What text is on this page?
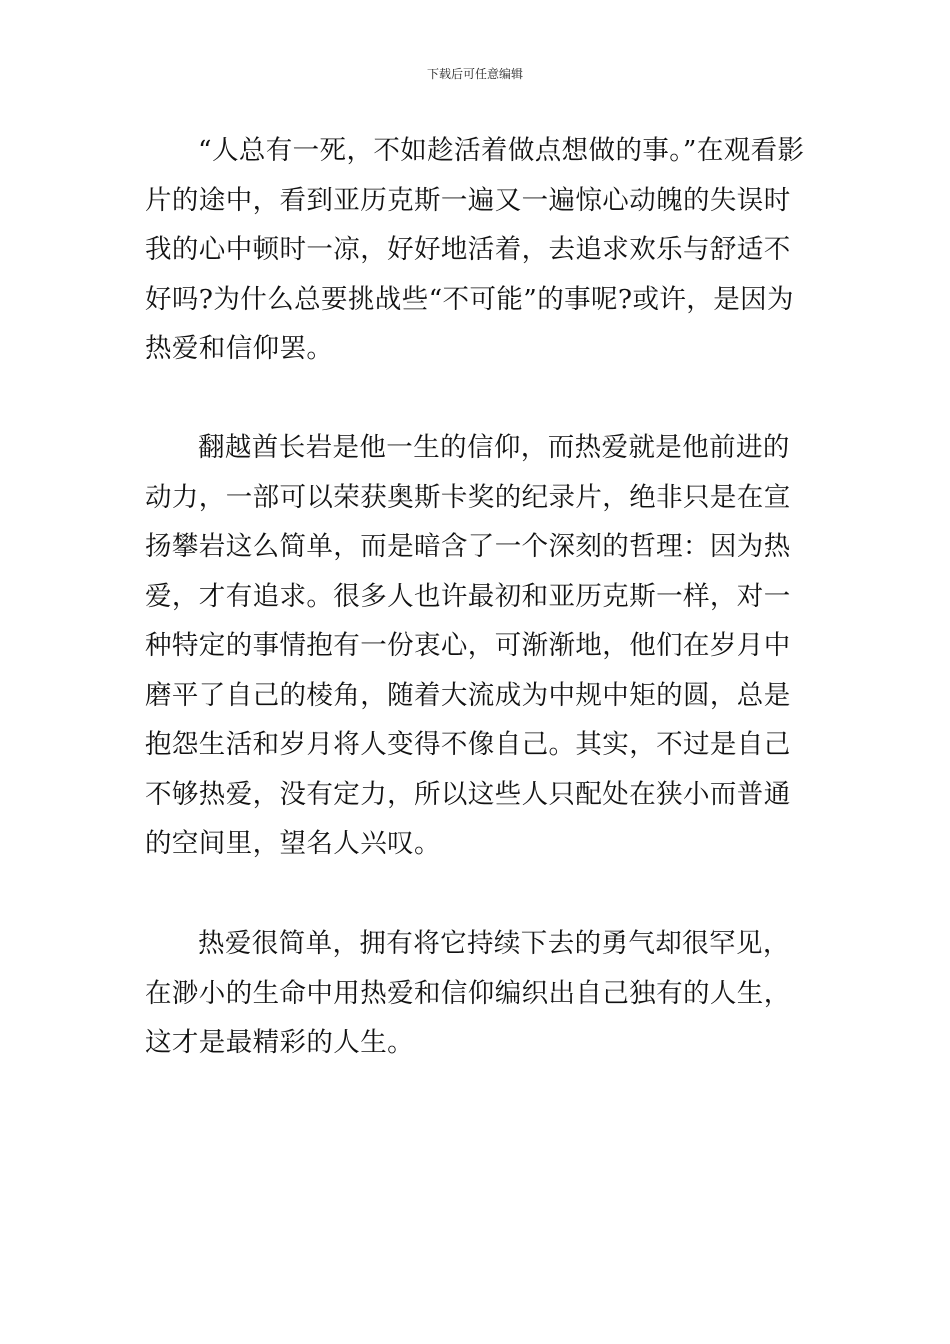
下载后可任意编辑

“人总有一死，不如趁活着做点想做的事。”在观看影片的途中，看到亚历克斯一遍又一遍惊心动魄的失误时我的心中顿时一凉，好好地活着，去追求欢乐与舒适不好吗?为什么总要挑战些“不可能”的事呢?或许，是因为热爱和信仰罢。

翻越酋长岩是他一生的信仰，而热爱就是他前进的动力，一部可以荣获奥斯卡奖的纪录片，绝非只是在宣扬攀岩这么简单，而是暗含了一个深刻的哲理：因为热爱，才有追求。很多人也许最初和亚历克斯一样，对一种特定的事情抱有一份衷心，可渐渐地，他们在岁月中磨平了自己的棱角，随着大流成为中规中矩的圆，总是抱怨生活和岁月将人变得不像自己。其实，不过是自己不够热爱，没有定力，所以这些人只配处在狭小而普通的空间里，望名人兴叹。

热爱很简单，拥有将它持续下去的勇气却很罕见，在渺小的生命中用热爱和信仰编织出自己独有的人生，这才是最精彩的人生。
